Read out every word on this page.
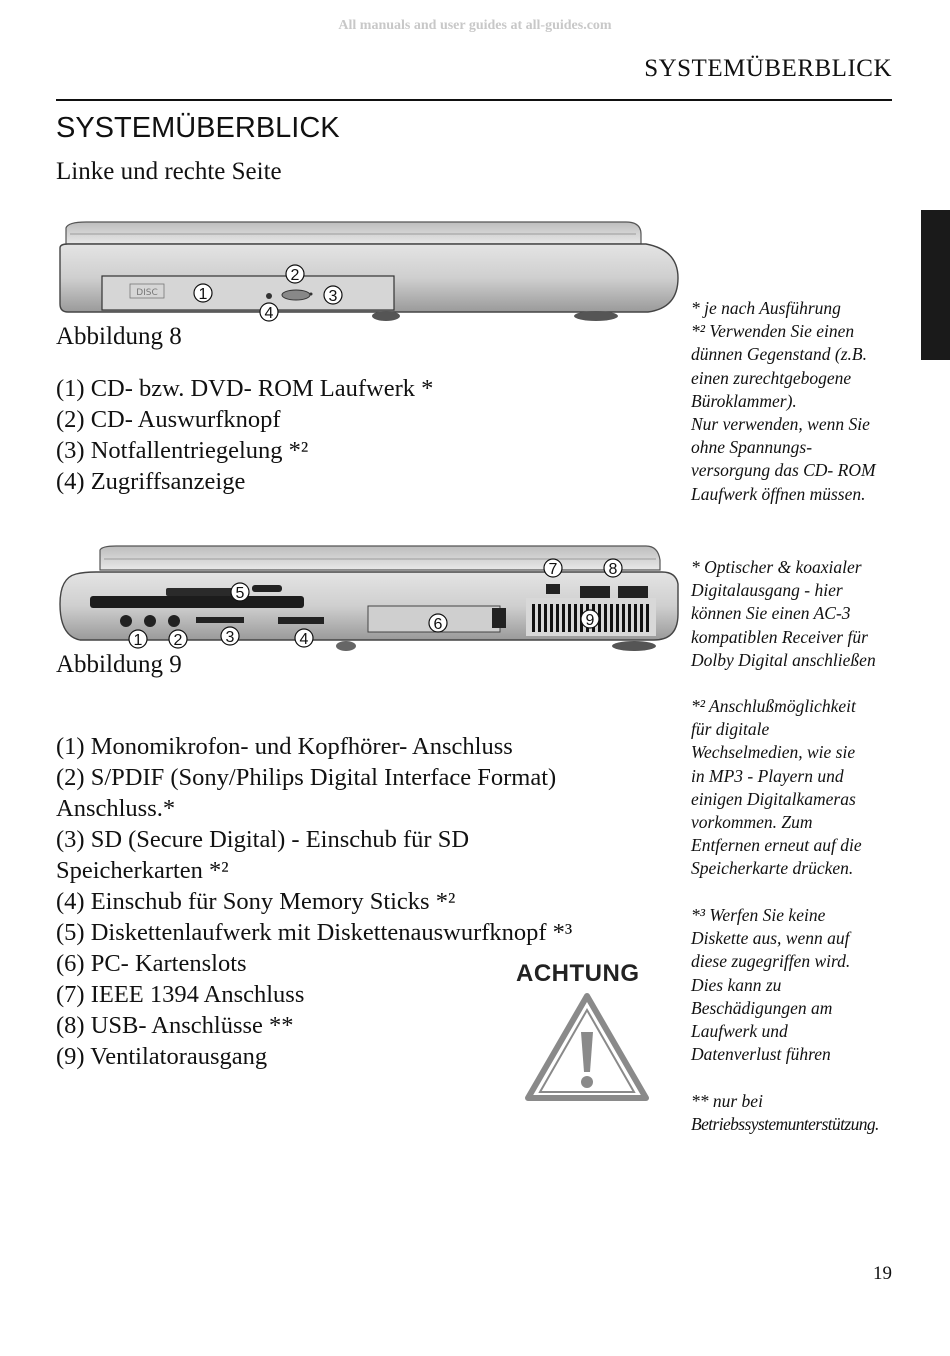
All manuals and user guides at all-guides.com
SYSTEMÜBERBLICK
SYSTEMÜBERBLICK
Linke und rechte Seite
DISC	1
2
3
4
Abbildung 8
(1) CD- bzw. DVD- ROM Laufwerk *
(2) CD- Auswurfknopf
(3) Notfallentriegelung *²
(4) Zugriffsanzeige
* je nach Ausführung
*² Verwenden Sie einen
dünnen Gegenstand (z.B.
einen zurechtgebogene
Büroklammer).
Nur verwenden, wenn Sie
ohne Spannungs-
versorgung das CD- ROM
Laufwerk öffnen müssen.
1 2	3	4
5
6
7	8
9
Abbildung 9
(1) Monomikrofon- und Kopfhörer- Anschluss
(2) S/PDIF (Sony/Philips Digital Interface Format)
Anschluss.*
(3) SD (Secure Digital) - Einschub für SD
Speicherkarten *²
(4) Einschub für Sony Memory Sticks *²
(5) Diskettenlaufwerk mit Diskettenauswurfknopf *³
(6) PC- Kartenslots
(7) IEEE 1394 Anschluss
(8) USB- Anschlüsse **
(9) Ventilatorausgang
* Optischer & koaxialer
Digitalausgang - hier
können Sie einen AC-3
kompatiblen Receiver für
Dolby Digital anschließen
*² Anschlußmöglichkeit
für digitale
Wechselmedien, wie sie
in MP3 - Playern und
einigen Digitalkameras
vorkommen. Zum
Entfernen erneut auf die
Speicherkarte drücken.
*³ Werfen Sie keine
Diskette aus, wenn auf
diese zugegriffen wird.
Dies kann zu
Beschädigungen am
Laufwerk und
Datenverlust führen
** nur bei
Betriebssystemunterstützung.
ACHTUNG
19
